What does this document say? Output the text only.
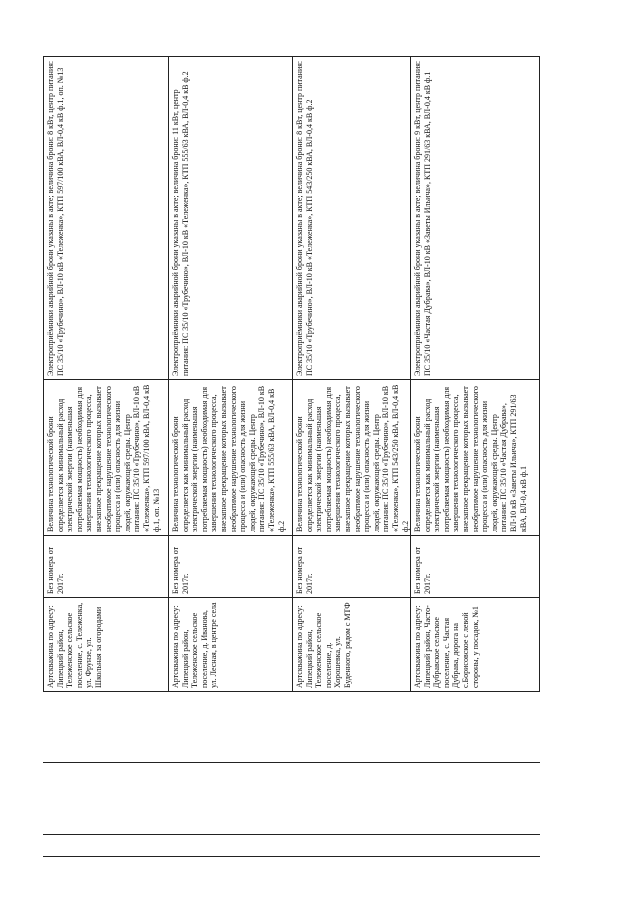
Артскважина по адресу: Липецкий район, Тележенское сельское поселение, с. Тележенка, ул. Фрунзе, ул. Школьная за огородами
Без номера от 2017г.
Величина технологической брони определяется как минимальный расход электрической энергии (наименьшая потребляемая мощность) необходимая для завершения технологического процесса, внезапное прекращение которых вызывает необратимое нарушение технологического процесса и (или) опасность для жизни людей, окружающей среды. Центр питания: ПС 35/10 «Трубечино», ВЛ-10 кВ «Тележенка», КТП 597/100 кВА, ВЛ-0,4 кВ ф.1, оп. №13
Электроприёмники аварийной брони указаны в акте; величина брони: 8 кВт, центр питания: ПС 35/10 «Трубечино», ВЛ-10 кВ «Тележенка», КТП 597/100 кВА, ВЛ-0,4 кВ ф.1, оп. №13
Артскважина по адресу: Липецкий район, Тележенское сельское поселение, д. Иванова, ул. Лесная, в центре села
Без номера от 2017г.
Величина технологической брони определяется как минимальный расход электрической энергии (наименьшая потребляемая мощность) необходимая для завершения технологического процесса, внезапное прекращение которых вызывает необратимое нарушение технологического процесса и (или) опасность для жизни людей, окружающей среды. Центр питания: ПС 35/10 «Трубечино», ВЛ-10 кВ «Тележенка», КТП 555/63 кВА, ВЛ-0,4 кВ ф.2
Электроприёмники аварийной брони указаны в акте; величина брони: 11 кВт, центр питания: ПС 35/10 «Трубечино», ВЛ-10 кВ «Тележенка», КТП 555/63 кВА, ВЛ-0,4 кВ ф.2
Артскважина по адресу: Липецкий район, Тележенское сельское поселение, д. Хорошевка, ул. Буденного, рядом с МТФ
Без номера от 2017г.
Величина технологической брони определяется как минимальный расход электрической энергии (наименьшая потребляемая мощность) необходимая для завершения технологического процесса, внезапное прекращение которых вызывает необратимое нарушение технологического процесса и (или) опасность для жизни людей, окружающей среды. Центр питания: ПС 35/10 «Трубечино», ВЛ-10 кВ «Тележенка», КТП 543/250 кВА, ВЛ-0,4 кВ ф.2
Электроприёмники аварийной брони указаны в акте; величина брони: 8 кВт, центр питания: ПС 35/10 «Трубечино», ВЛ-10 кВ «Тележенка», КТП 543/250 кВА, ВЛ-0,4 кВ ф.2
Артскважина по адресу: Липецкий район, Часто-Дубравское сельское поселение, с. Частая Дубрава, дорога на с.Борисовское с левой стороны, у посадок, №1
Без номера от 2017г.
Величина технологической брони определяется как минимальный расход электрической энергии (наименьшая потребляемая мощность) необходимая для завершения технологического процесса, внезапное прекращение которых вызывает необратимое нарушение технологического процесса и (или) опасность для жизни людей, окружающей среды. Центр питания: ПС 35/10 «Частая Дубрава», ВЛ-10 кВ «Заветы Ильича», КТП 291/63 кВА, ВЛ-0,4 кВ ф.1
Электроприёмники аварийной брони указаны в акте; величина брони: 9 кВт, центр питания: ПС 35/10 «Частая Дубрава», ВЛ-10 кВ «Заветы Ильича», КТП 291/63 кВА, ВЛ-0,4 кВ ф.1
